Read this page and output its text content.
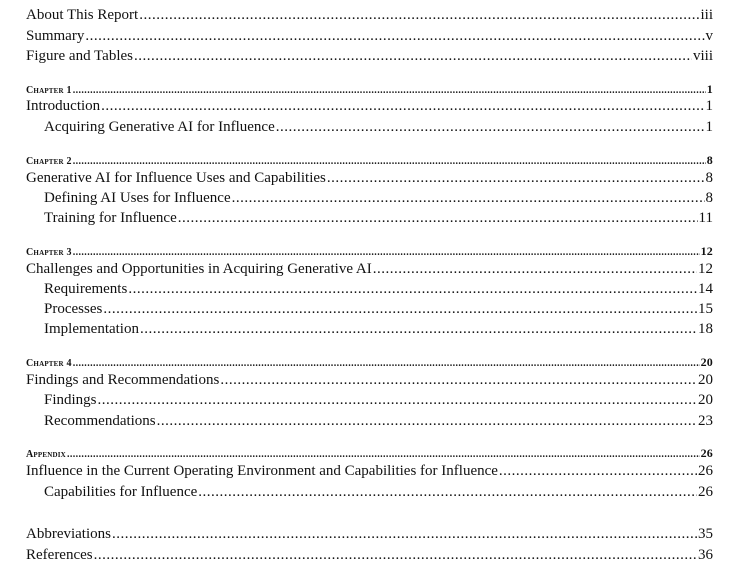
About This Report .....	iii
Summary .....	v
Figure and Tables .....	viii
Chapter 1 .....	1
Introduction .....	1
Acquiring Generative AI for Influence .....	1
Chapter 2 .....	8
Generative AI for Influence Uses and Capabilities .....	8
Defining AI Uses for Influence .....	8
Training for Influence .....	11
Chapter 3 .....	12
Challenges and Opportunities in Acquiring Generative AI .....	12
Requirements .....	14
Processes .....	15
Implementation .....	18
Chapter 4 .....	20
Findings and Recommendations .....	20
Findings .....	20
Recommendations .....	23
Appendix .....	26
Influence in the Current Operating Environment and Capabilities for Influence .....	26
Capabilities for Influence .....	26
Abbreviations .....	35
References .....	36
